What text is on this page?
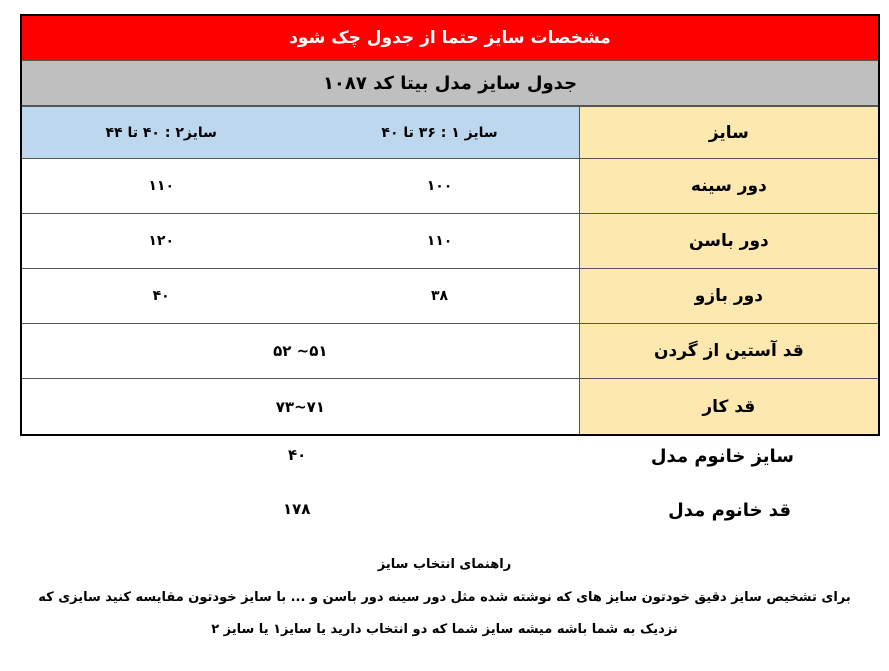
مشخصات سایز حتما از جدول چک شود
جدول سایز مدل بیتا کد ۱۰۸۷
سایز
سایز ۱ : ۳۶ تا ۴۰
سایز۲ : ۴۰ تا ۴۴
دور سینه
۱۰۰
۱۱۰
دور باسن
۱۱۰
۱۲۰
دور بازو
۳۸
۴۰
قد آستین از گردن
۵۱~ ۵۲
قد کار
۷۱~۷۳
سایز خانوم مدل
۴۰
قد خانوم مدل
۱۷۸
راهنمای انتخاب سایز
برای تشخیص سایز دقیق خودتون سایز های که نوشته شده مثل دور سینه دور باسن و ... با سایز خودتون مقایسه کنید سایزی که
نزدیک به شما باشه میشه سایز شما که دو انتخاب دارید یا سایز۱ یا سایز ۲
